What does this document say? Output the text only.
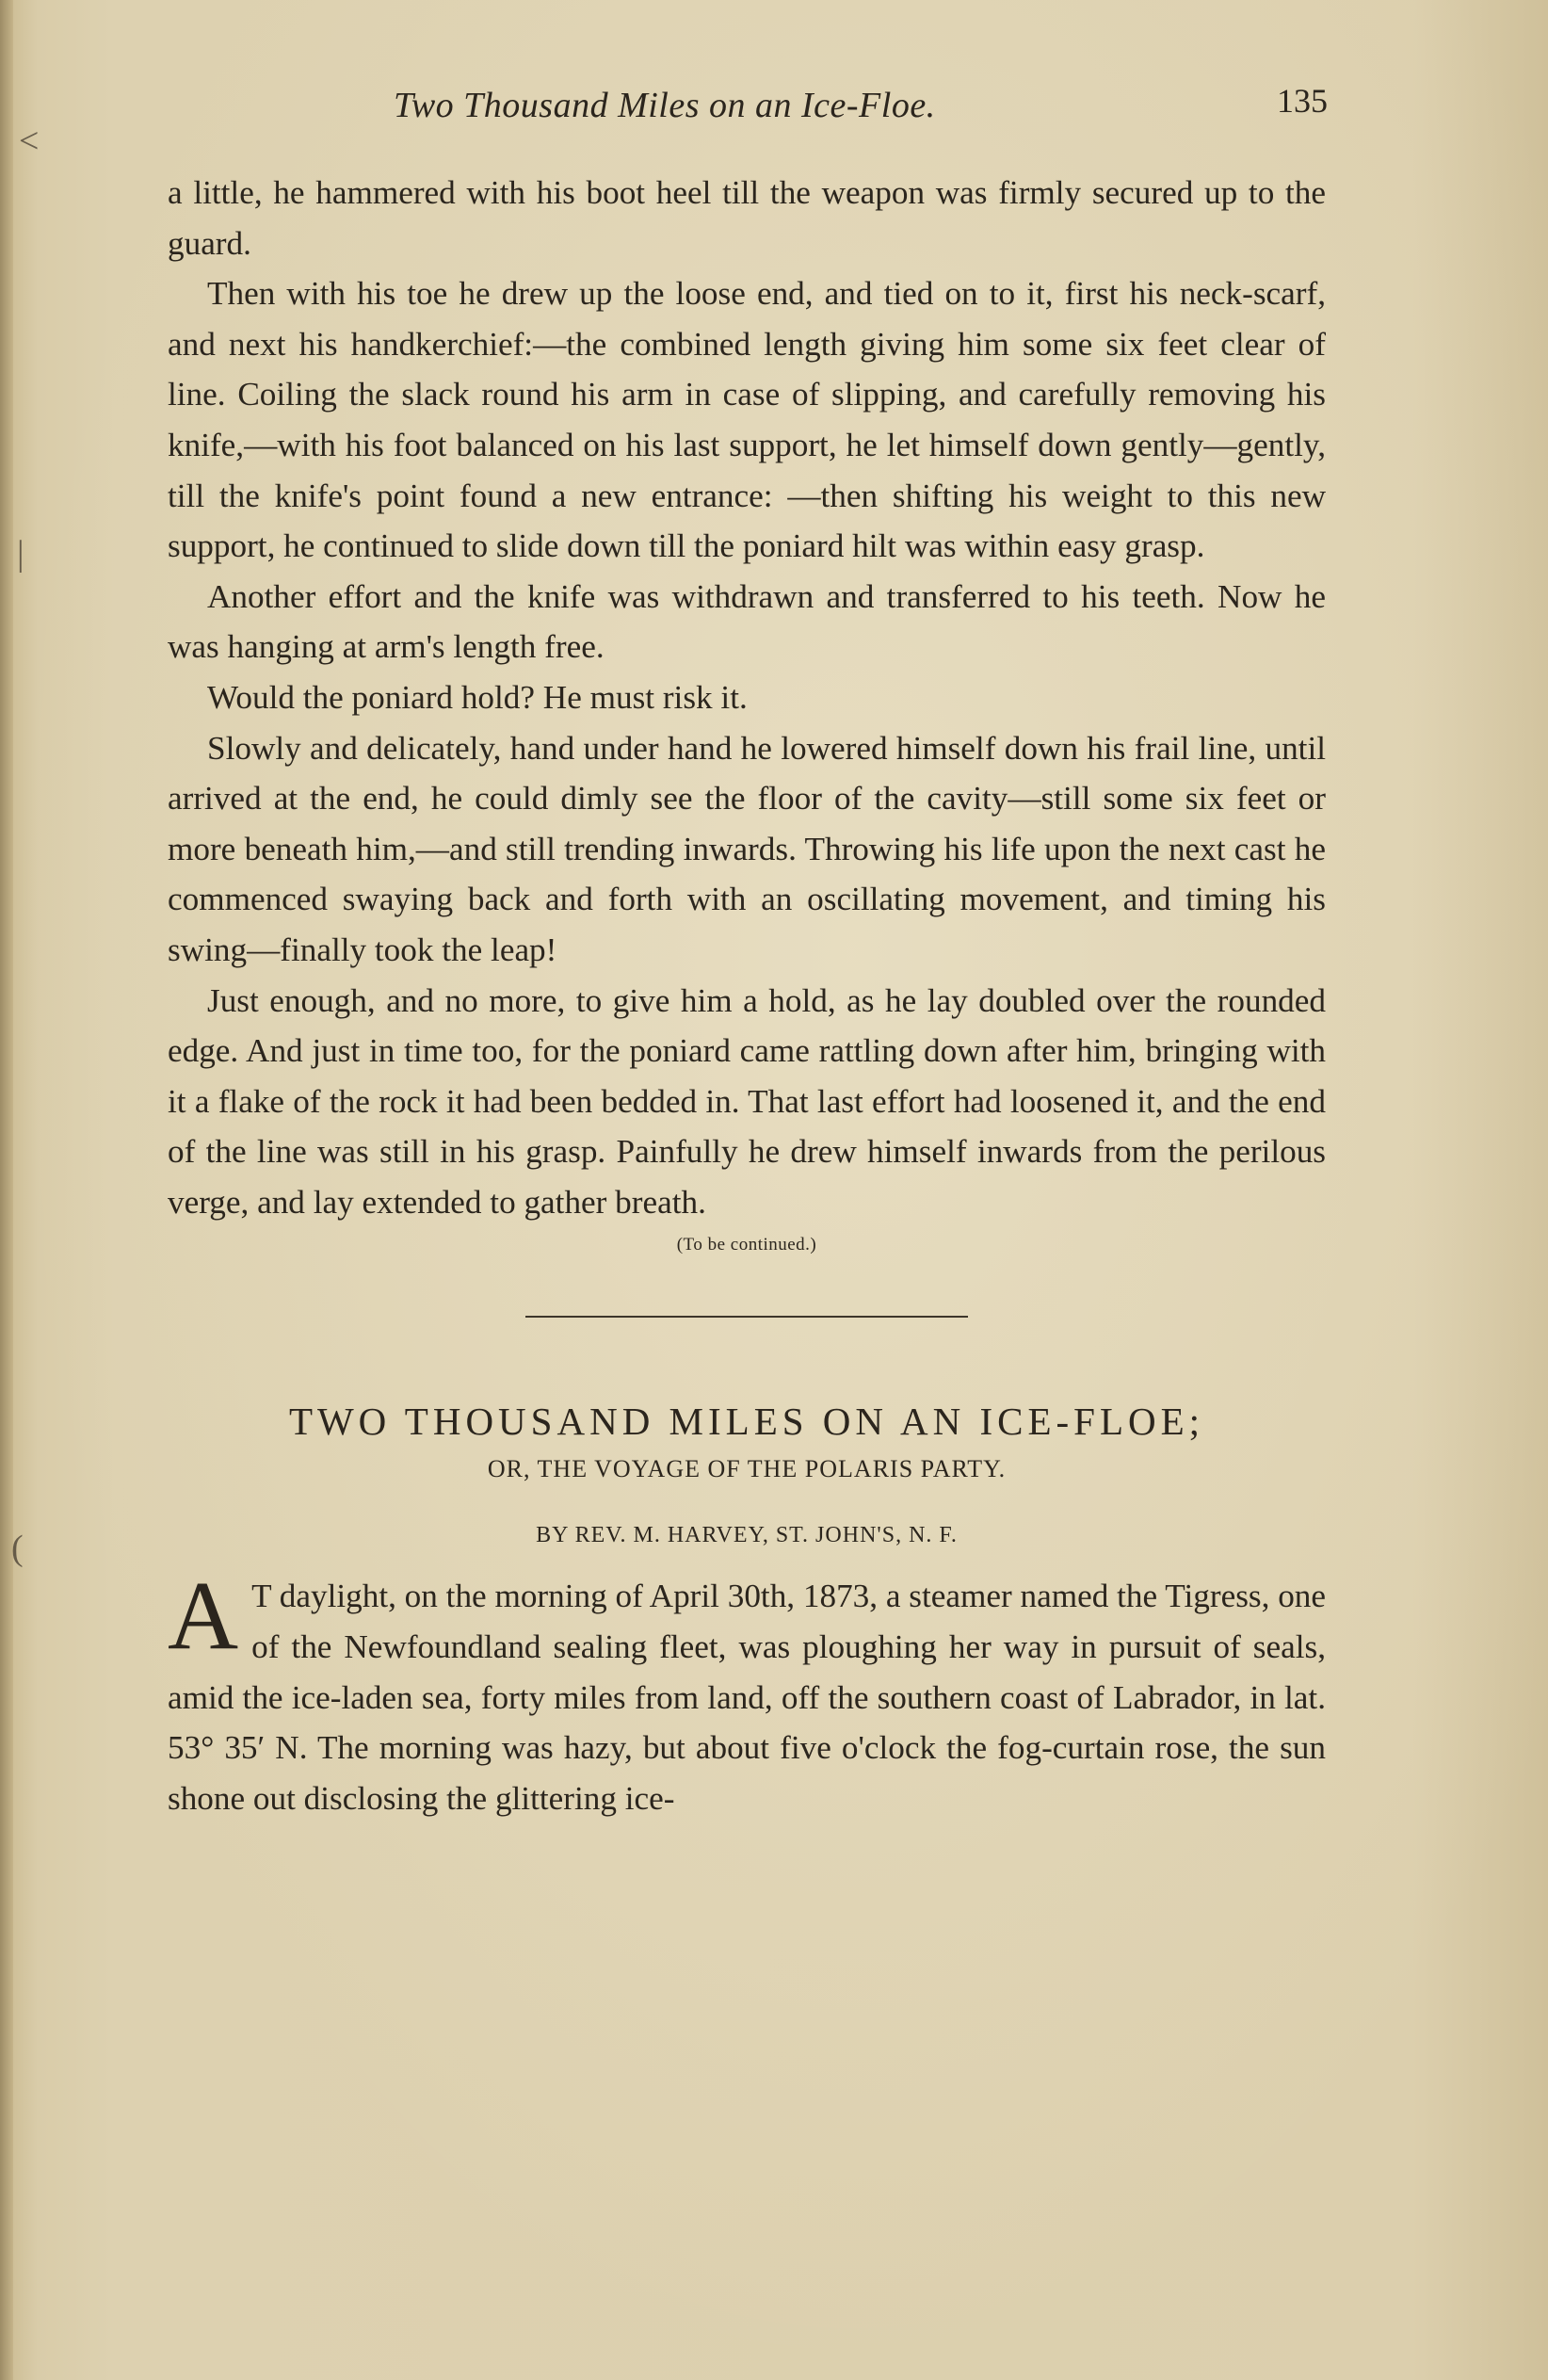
˂
|
(
Two Thousand Miles on an Ice-Floe.	135

a little, he hammered with his boot heel till the weapon was firmly secured up to the guard.

Then with his toe he drew up the loose end, and tied on to it, first his neck-scarf, and next his handkerchief:—the combined length giving him some six feet clear of line. Coiling the slack round his arm in case of slipping, and carefully removing his knife,—with his foot balanced on his last support, he let himself down gently—gently, till the knife's point found a new entrance: —then shifting his weight to this new support, he continued to slide down till the poniard hilt was within easy grasp.

Another effort and the knife was withdrawn and transferred to his teeth. Now he was hanging at arm's length free.

Would the poniard hold? He must risk it.

Slowly and delicately, hand under hand he lowered himself down his frail line, until arrived at the end, he could dimly see the floor of the cavity—still some six feet or more beneath him,—and still trending inwards. Throwing his life upon the next cast he commenced swaying back and forth with an oscillating movement, and timing his swing—finally took the leap!

Just enough, and no more, to give him a hold, as he lay doubled over the rounded edge. And just in time too, for the poniard came rattling down after him, bringing with it a flake of the rock it had been bedded in. That last effort had loosened it, and the end of the line was still in his grasp. Painfully he drew himself inwards from the perilous verge, and lay extended to gather breath.

(To be continued.)

TWO THOUSAND MILES ON AN ICE-FLOE;

OR, THE VOYAGE OF THE POLARIS PARTY.

BY REV. M. HARVEY, ST. JOHN'S, N. F.

A T daylight, on the morning of April 30th, 1873, a steamer named the Tigress, one of the Newfoundland sealing fleet, was ploughing her way in pursuit of seals, amid the ice-laden sea, forty miles from land, off the southern coast of Labrador, in lat. 53° 35′ N. The morning was hazy, but about five o'clock the fog-curtain rose, the sun shone out disclosing the glittering ice-
